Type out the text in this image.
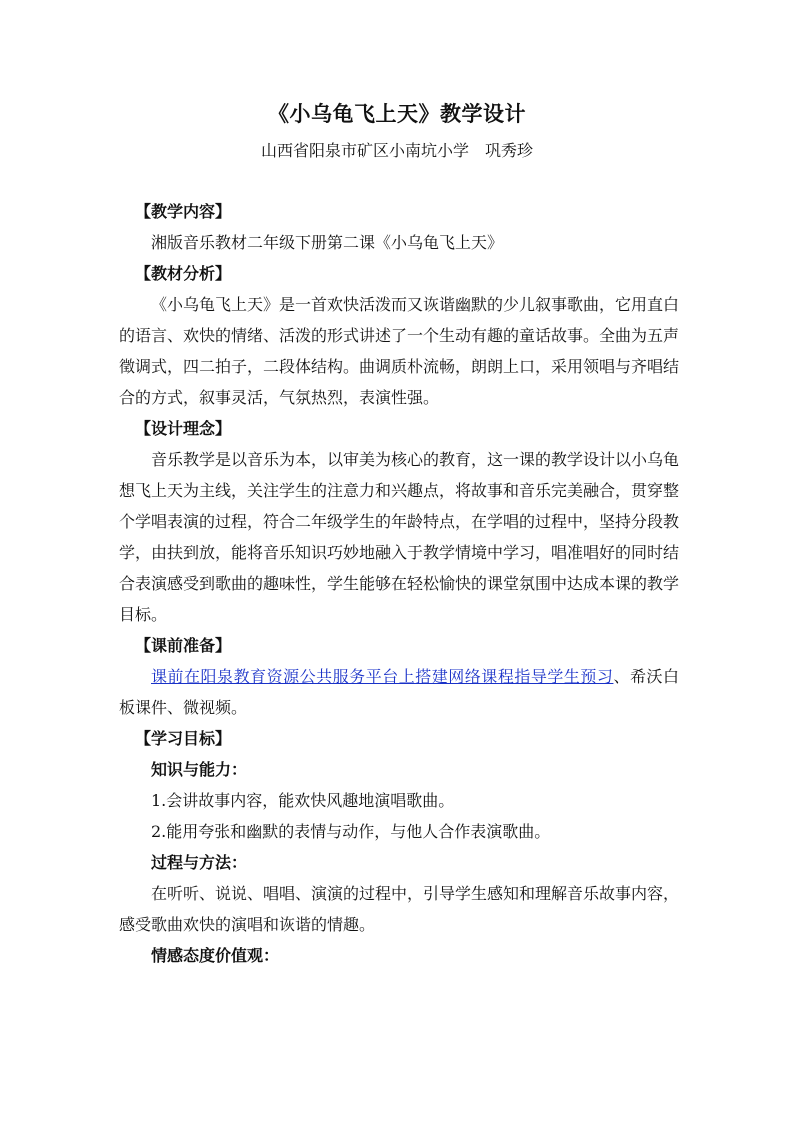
《小乌龟飞上天》教学设计
山西省阳泉市矿区小南坑小学　巩秀珍

【教学内容】

湘版音乐教材二年级下册第二课《小乌龟飞上天》

【教材分析】

《小乌龟飞上天》是一首欢快活泼而又诙谐幽默的少儿叙事歌曲，它用直白的语言、欢快的情绪、活泼的形式讲述了一个生动有趣的童话故事。全曲为五声徵调式，四二拍子，二段体结构。曲调质朴流畅，朗朗上口，采用领唱与齐唱结合的方式，叙事灵活，气氛热烈，表演性强。

【设计理念】

音乐教学是以音乐为本，以审美为核心的教育，这一课的教学设计以小乌龟想飞上天为主线，关注学生的注意力和兴趣点，将故事和音乐完美融合，贯穿整个学唱表演的过程，符合二年级学生的年龄特点，在学唱的过程中，坚持分段教学，由扶到放，能将音乐知识巧妙地融入于教学情境中学习，唱准唱好的同时结合表演感受到歌曲的趣味性，学生能够在轻松愉快的课堂氛围中达成本课的教学目标。

【课前准备】

课前在阳泉教育资源公共服务平台上搭建网络课程指导学生预习、希沃白板课件、微视频。

【学习目标】

知识与能力：

1.会讲故事内容，能欢快风趣地演唱歌曲。

2.能用夸张和幽默的表情与动作，与他人合作表演歌曲。

过程与方法：

在听听、说说、唱唱、演演的过程中，引导学生感知和理解音乐故事内容，感受歌曲欢快的演唱和诙谐的情趣。

情感态度价值观：
